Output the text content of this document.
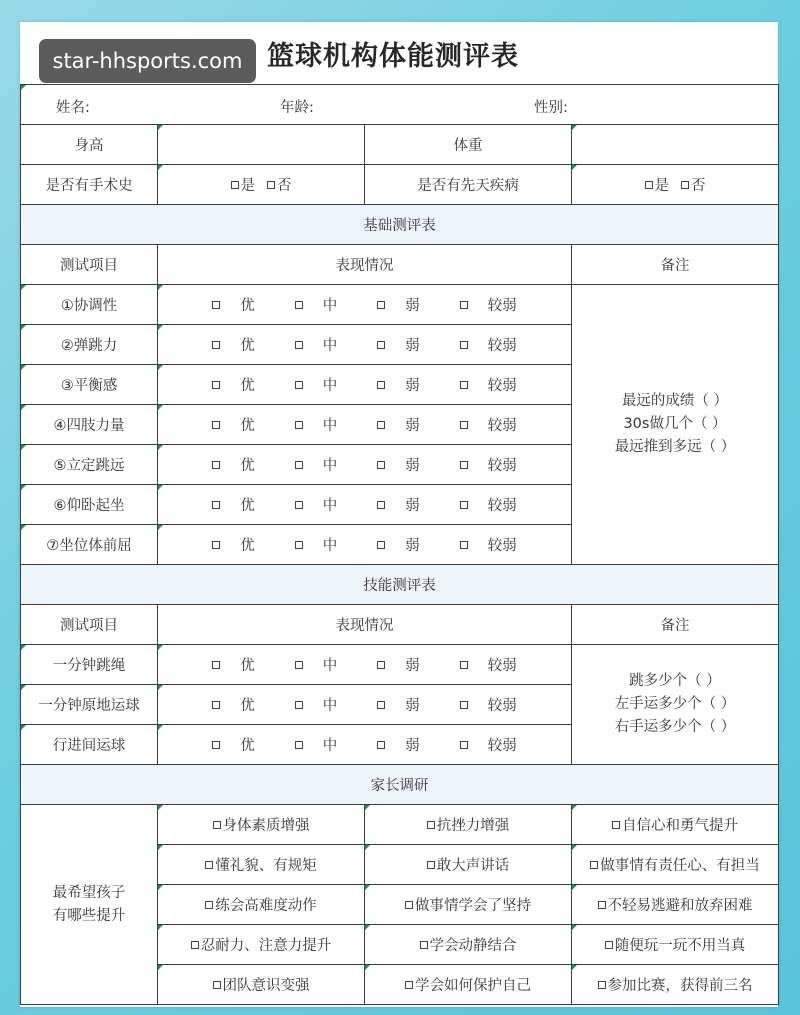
star-hhsports.com 篮球机构体能测评表
姓名: 年龄: 性别:			

身高		体重	
是否有手术史	是 否	是否有先天疾病	是 否
基础测评表			
测试项目	表现情况		备注
①协调性	优 中 弱 较弱		最远的成绩（ ）
30s做几个（ ）
最远推到多远（ ）

②弹跳力	优 中 弱 较弱		
③平衡感	优 中 弱 较弱		
④四肢力量	优 中 弱 较弱		
⑤立定跳远	优 中 弱 较弱		
⑥仰卧起坐	优 中 弱 较弱		
⑦坐位体前屈	优 中 弱 较弱		
技能测评表			
测试项目	表现情况		备注
一分钟跳绳	优 中 弱 较弱		跳多少个（ ）
左手运多少个（ ）
右手运多少个（ ）

一分钟原地运球	优 中 弱 较弱		
行进间运球	优 中 弱 较弱		
家长调研			

最希望孩子
有哪些提升	身体素质增强	抗挫力增强	自信心和勇气提升
	懂礼貌、有规矩	敢大声讲话	做事情有责任心、有担当
	练会高难度动作	做事情学会了坚持	不轻易逃避和放弃困难
	忍耐力、注意力提升	学会动静结合	随便玩一玩不用当真
	团队意识变强	学会如何保护自己	参加比赛，获得前三名
